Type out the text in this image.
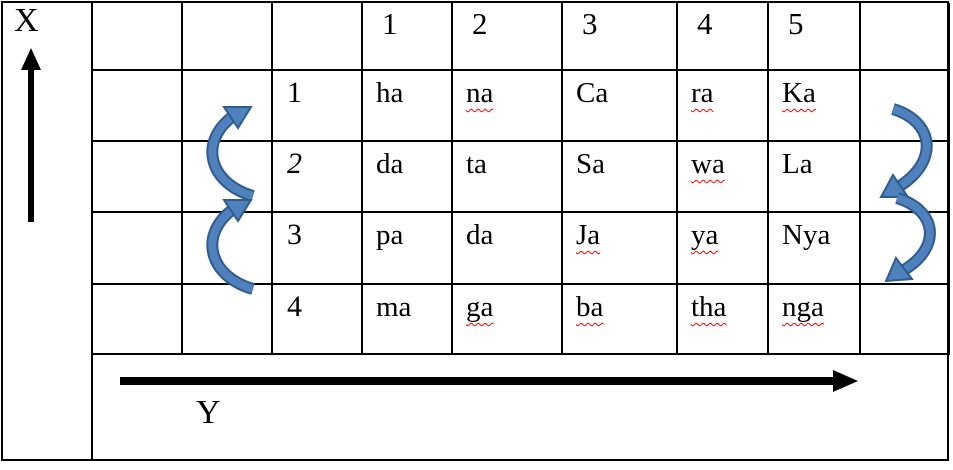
X
Y
1	2	3	4	5
1	ha	na	Ca	ra	Ka
2	da	ta	Sa	wa	La
3	pa	da	Ja	ya	Nya
4	ma	ga	ba	tha	nga
